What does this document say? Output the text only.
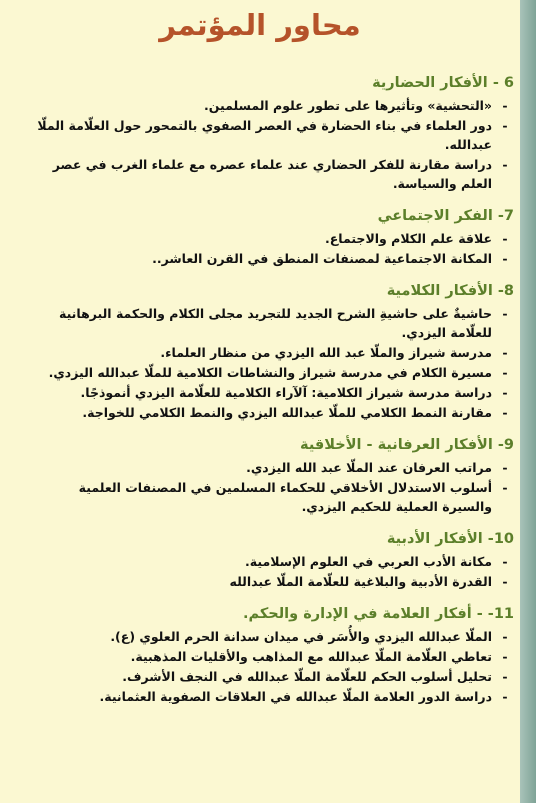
محاور المؤتمر
6 - الأفكار الحضارية
-
«التحشية» وتأثيرها على تطور علوم المسلمين.
-
دور العلماء في بناء الحضارة في العصر الصفوي بالتمحور حول العلّامة الملّا عبدالله.
-
دراسة مقارنة للفكر الحضاري عند علماء عصره مع علماء الغرب في عصر العلم والسياسة.
7- الفكر الاجتماعي
-
علاقة علم الكلام والاجتماع.
-
المكانة الاجتماعية لمصنفات المنطق في القرن العاشر..
8- الأفكار الكلامية
-
حاشيةٌ على حاشيةِ الشرح الجديد للتجريد مجلى الكلام والحكمة البرهانية للعلّامة اليزدي.
-
مدرسة شيراز والملّا عبد الله اليزدي من منظار العلماء.
-
مسيرة الكلام في مدرسة شيراز والنشاطات الكلامية للملّا عبدالله اليزدي.
-
دراسة مدرسة شيراز الكلامية: آلآراء الكلامية للعلّامة اليزدي أنموذجًا.
-
مقارنة النمط الكلامي للملّا عبدالله اليزدي والنمط الكلامي للخواجة.
9- الأفكار العرفانية - الأخلاقية
-
مراتب العرفان عند الملّا عبد الله اليزدي.
-
أسلوب الاستدلال الأخلاقي للحكماء المسلمين في المصنفات العلمية والسيرة العملية للحكيم اليزدي.
10- الأفكار الأدبية
-
مكانة الأدب العربي في العلوم الإسلامية.
-
القدرة الأدبية والبلاغية للعلّامة الملّا عبدالله
11- - أفكار العلامة في الإدارة والحكم.
-
الملّا عبدالله اليزدي والأُسَر في ميدان سدانة الحرم العلوي (ع).
-
تعاطي العلّامة الملّا عبدالله مع المذاهب والأقليات المذهبية.
-
تحليل أسلوب الحكم للعلّامة الملّا عبدالله في النجف الأشرف.
-
دراسة الدور العلامة الملّا عبدالله في العلاقات الصفوية العثمانية.
